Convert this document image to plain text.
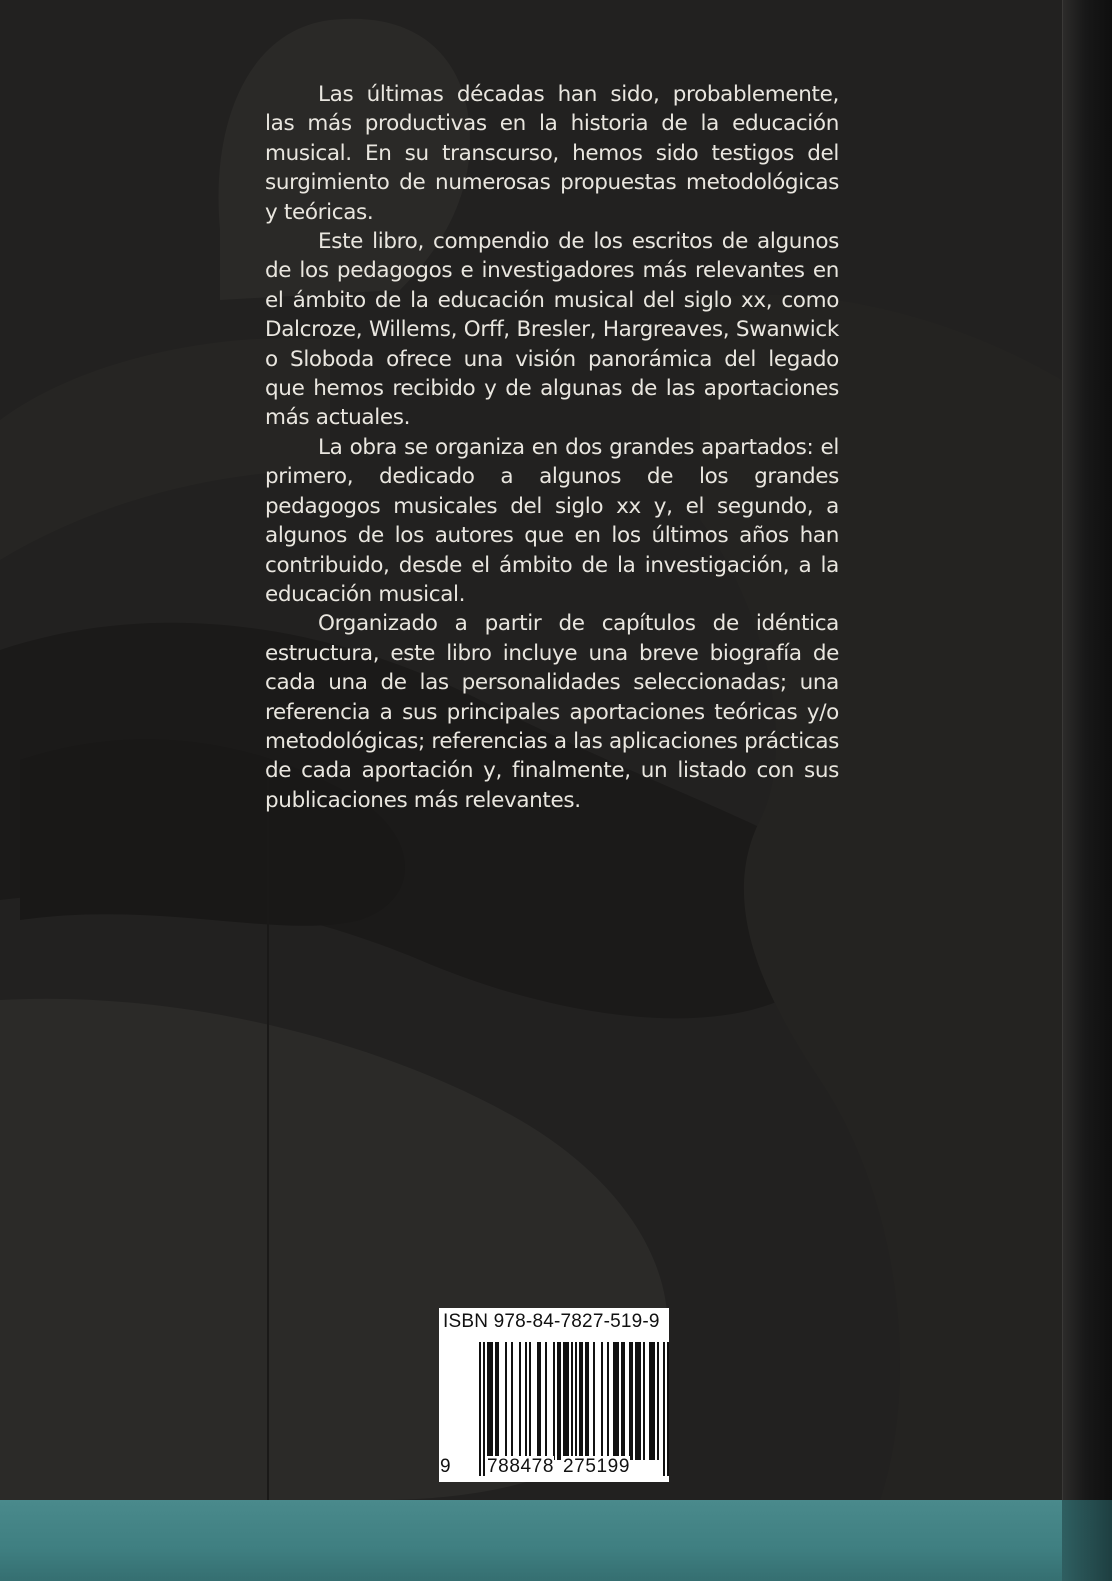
Las últimas décadas han sido, probablemente, las más productivas en la historia de la educación musical. En su transcurso, hemos sido testigos del surgimiento de numerosas propuestas metodológicas y teóricas.

Este libro, compendio de los escritos de algunos de los pedagogos e investigadores más relevantes en el ámbito de la educación musical del siglo xx, como Dalcroze, Willems, Orff, Bresler, Hargreaves, Swanwick o Sloboda ofrece una visión panorámica del legado que hemos recibido y de algunas de las aportaciones más actuales.

La obra se organiza en dos grandes apartados: el primero, dedicado a algunos de los grandes pedagogos musicales del siglo xx y, el segundo, a algunos de los autores que en los últimos años han contribuido, desde el ámbito de la investigación, a la educación musical.

Organizado a partir de capítulos de idéntica estructura, este libro incluye una breve biografía de cada una de las personalidades seleccionadas; una referencia a sus principales aportaciones teóricas y/o metodológicas; referencias a las aplicaciones prácticas de cada aportación y, finalmente, un listado con sus publicaciones más relevantes.

ISBN 978-84-7827-519-9
9 788478 275199
